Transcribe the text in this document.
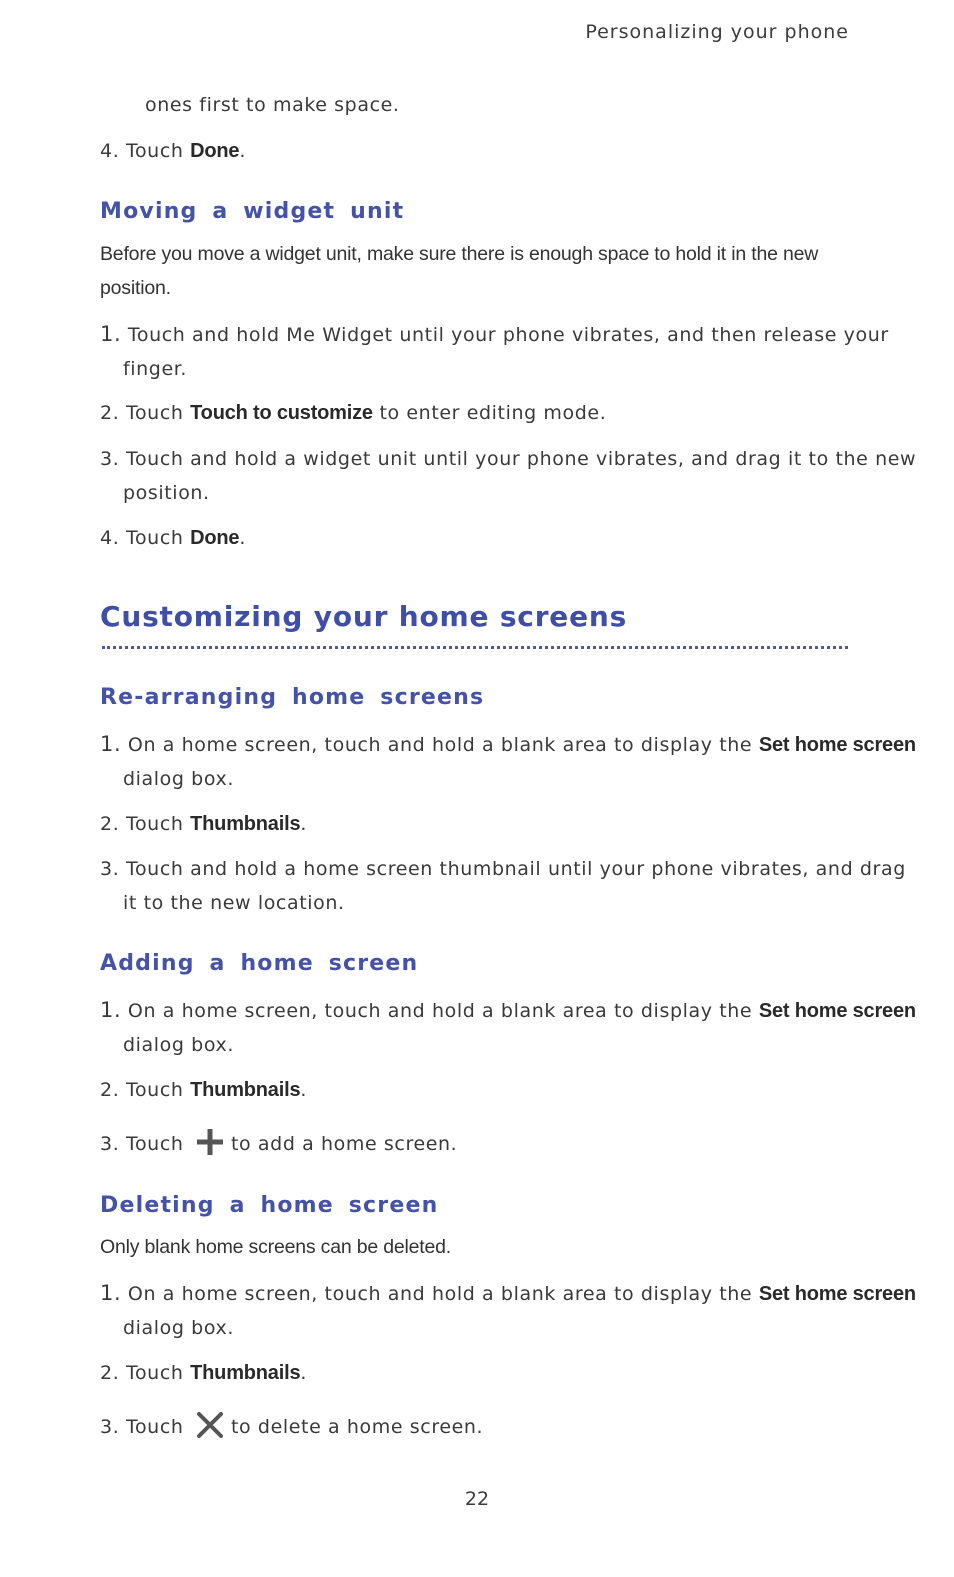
Personalizing your phone

ones first to make space.

4. Touch Done.

Moving a widget unit

Before you move a widget unit, make sure there is enough space to hold it in the new

position.

1. Touch and hold Me Widget until your phone vibrates, and then release your

finger.

2. Touch Touch to customize to enter editing mode.

3. Touch and hold a widget unit until your phone vibrates, and drag it to the new

position.

4. Touch Done.

Customizing your home screens
Re-arranging home screens

1. On a home screen, touch and hold a blank area to display the Set home screen

dialog box.

2. Touch Thumbnails.

3. Touch and hold a home screen thumbnail until your phone vibrates, and drag

it to the new location.

Adding a home screen

1. On a home screen, touch and hold a blank area to display the Set home screen

dialog box.

2. Touch Thumbnails.

3. Touch to add a home screen.

Deleting a home screen

Only blank home screens can be deleted.

1. On a home screen, touch and hold a blank area to display the Set home screen

dialog box.

2. Touch Thumbnails.

3. Touch to delete a home screen.

22
